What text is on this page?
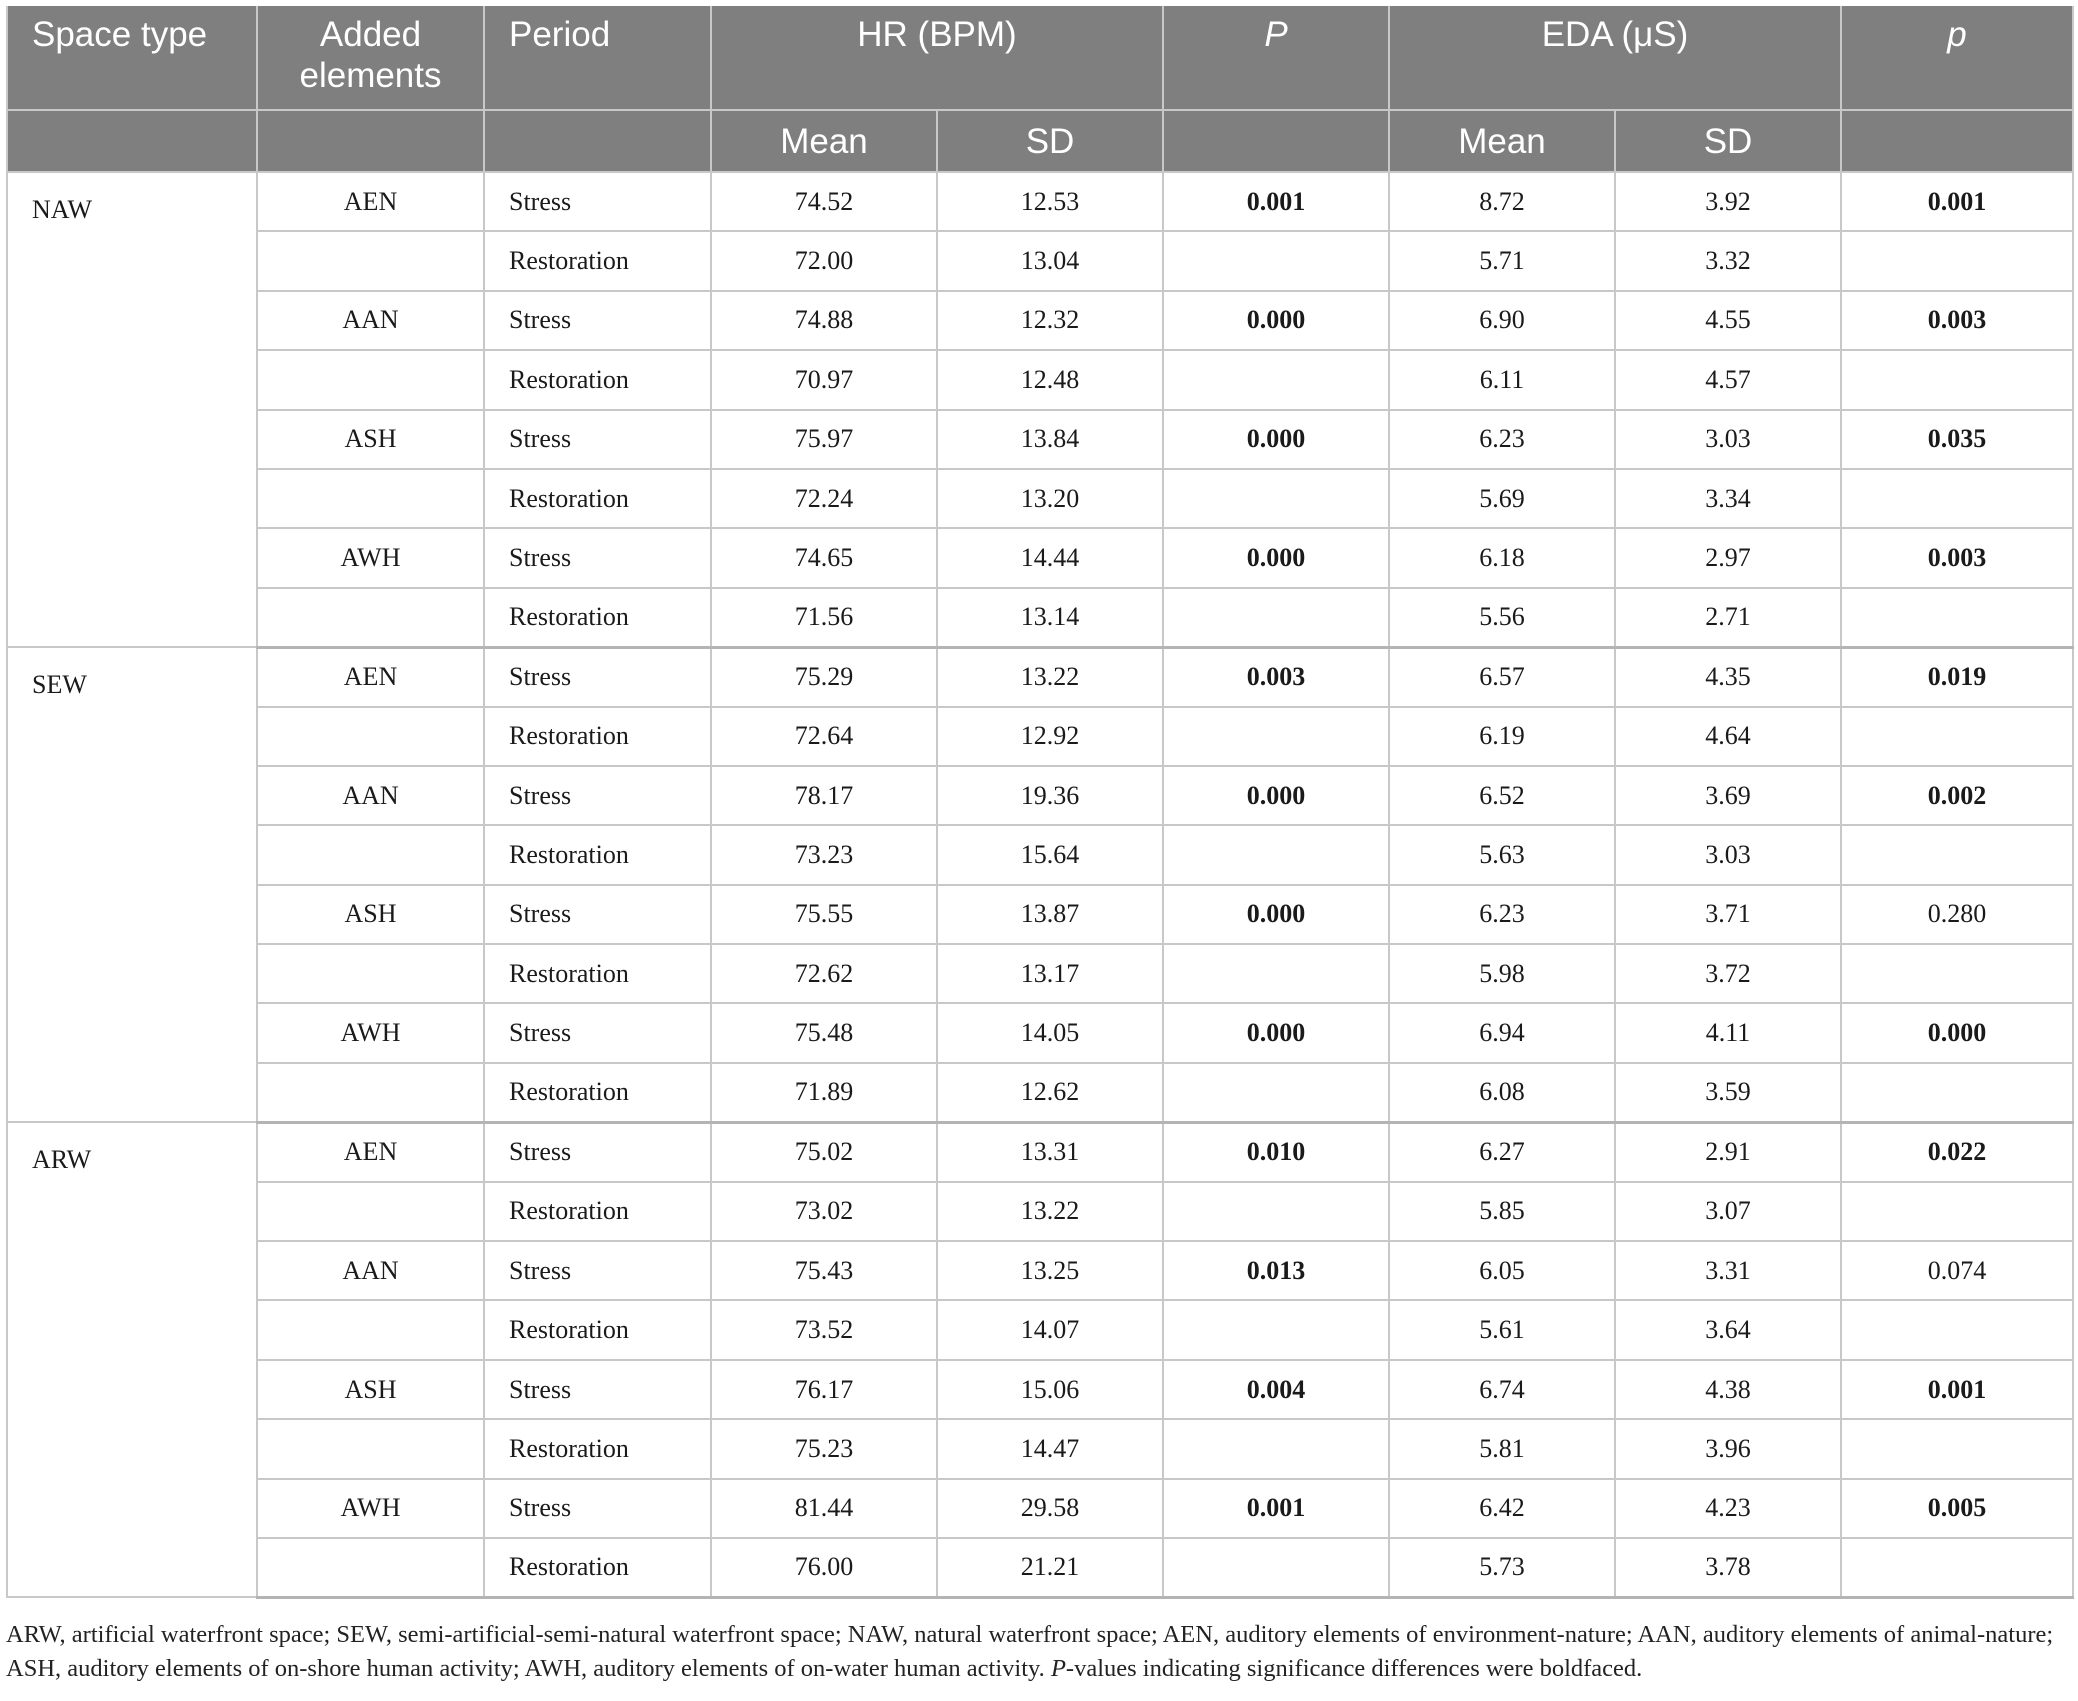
Space type	Added elements	Period	HR (BPM)		P	EDA (μS)		p
			Mean	SD		Mean	SD	
NAW	AEN	Stress	74.52	12.53	0.001	8.72	3.92	0.001
		Restoration	72.00	13.04		5.71	3.32	
	AAN	Stress	74.88	12.32	0.000	6.90	4.55	0.003
		Restoration	70.97	12.48		6.11	4.57	
	ASH	Stress	75.97	13.84	0.000	6.23	3.03	0.035
		Restoration	72.24	13.20		5.69	3.34	
	AWH	Stress	74.65	14.44	0.000	6.18	2.97	0.003
		Restoration	71.56	13.14		5.56	2.71	
SEW	AEN	Stress	75.29	13.22	0.003	6.57	4.35	0.019
		Restoration	72.64	12.92		6.19	4.64	
	AAN	Stress	78.17	19.36	0.000	6.52	3.69	0.002
		Restoration	73.23	15.64		5.63	3.03	
	ASH	Stress	75.55	13.87	0.000	6.23	3.71	0.280
		Restoration	72.62	13.17		5.98	3.72	
	AWH	Stress	75.48	14.05	0.000	6.94	4.11	0.000
		Restoration	71.89	12.62		6.08	3.59	
ARW	AEN	Stress	75.02	13.31	0.010	6.27	2.91	0.022
		Restoration	73.02	13.22		5.85	3.07	
	AAN	Stress	75.43	13.25	0.013	6.05	3.31	0.074
		Restoration	73.52	14.07		5.61	3.64	
	ASH	Stress	76.17	15.06	0.004	6.74	4.38	0.001
		Restoration	75.23	14.47		5.81	3.96	
	AWH	Stress	81.44	29.58	0.001	6.42	4.23	0.005
		Restoration	76.00	21.21		5.73	3.78	
ARW, artificial waterfront space; SEW, semi-artificial-semi-natural waterfront space; NAW, natural waterfront space; AEN, auditory elements of environment-nature; AAN, auditory elements of animal-nature; ASH, auditory elements of on-shore human activity; AWH, auditory elements of on-water human activity. P-values indicating significance differences were boldfaced.
